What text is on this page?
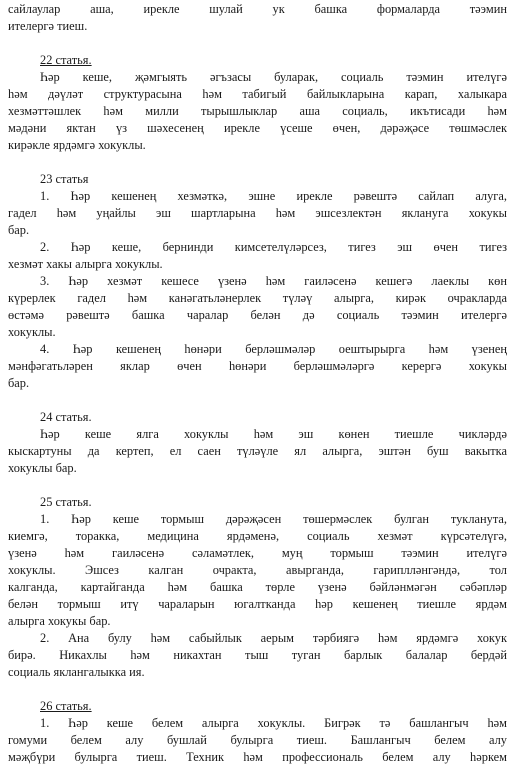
сайлаулар аша, ирекле шулай ук башка формаларда тәэмин
ителергә тиеш.
22 статья.
Һәр кеше, җәмгыять әгъзасы буларак, социаль тәэмин ителүгә
һәм дәүләт структурасына һәм табигый байлыкларына карап, халыкара
хезмәттәшлек һәм милли тырышлыклар аша социаль, икътисади һәм
мәдәни яктан үз шәхесенең ирекле үсеше өчен, дәрәҗәсе төшмәслек
кирәкле ярдәмгә хокуклы.
23 статья
1. Һәр кешенең хезмәткә, эшне ирекле рәвештә сайлап алуга,
гадел һәм уңайлы эш шартларына һәм эшсезлектән яклануга хокукы
бар.
2. Һәр кеше, бернинди кимсетелүләрсез, тигез эш өчен тигез
хезмәт хакы алырга хокуклы.
3. Һәр хезмәт кешесе үзенә һәм гаиләсенә кешегә лаеклы көн
күрерлек гадел һәм канәгатьләнерлек түләү алырга, кирәк очракларда
өстәмә рәвештә башка чаралар белән дә социаль тәэмин ителергә
хокуклы.
4. Һәр кешенең һөнәри берләшмәләр оештырырга һәм үзенең
мәнфәгатьләрен яклар өчен һөнәри берләшмәләргә керергә хокукы
бар.
24 статья.
Һәр кеше ялга хокуклы һәм эш көнен тиешле чикләрдә
кыскартуны да кертеп, ел саен түләүле ял алырга, эштән буш вакытка
хокуклы бар.
25 статья.
1. Һәр кеше тормыш дәрәҗәсен төшермәслек булган тукланута,
киемгә, торакка, медицина ярдәменә, социаль хезмәт күрсәтелүгә,
үзенә һәм гаиләсенә сәламәтлек, муң тормыш тәэмин ителүгә
хокуклы. Эшсез калган очракта, авырганда, гариплләнгәндә, тол
калганда, картайганда һәм башка төрле үзенә бәйләнмәгән сәбәпләр
белән тормыш итү чараларын югалтканда һәр кешенең тиешле ярдәм
алырга хокукы бар.
2. Ана булу һәм сабыйлык аерым тәрбиягә һәм ярдәмгә хокук
бирә. Никахлы һәм никахтан тыш туган барлык балалар бердәй
социаль яклангалыкка ия.
26 статья.
1. Һәр кеше белем алырга хокуклы. Бигрәк тә башлангыч һәм
гомуми белем алу бушлай булырга тиеш. Башлангыч белем алу
мәҗбүри булырга тиеш. Техник һәм профессиональ белем алу һәркем
